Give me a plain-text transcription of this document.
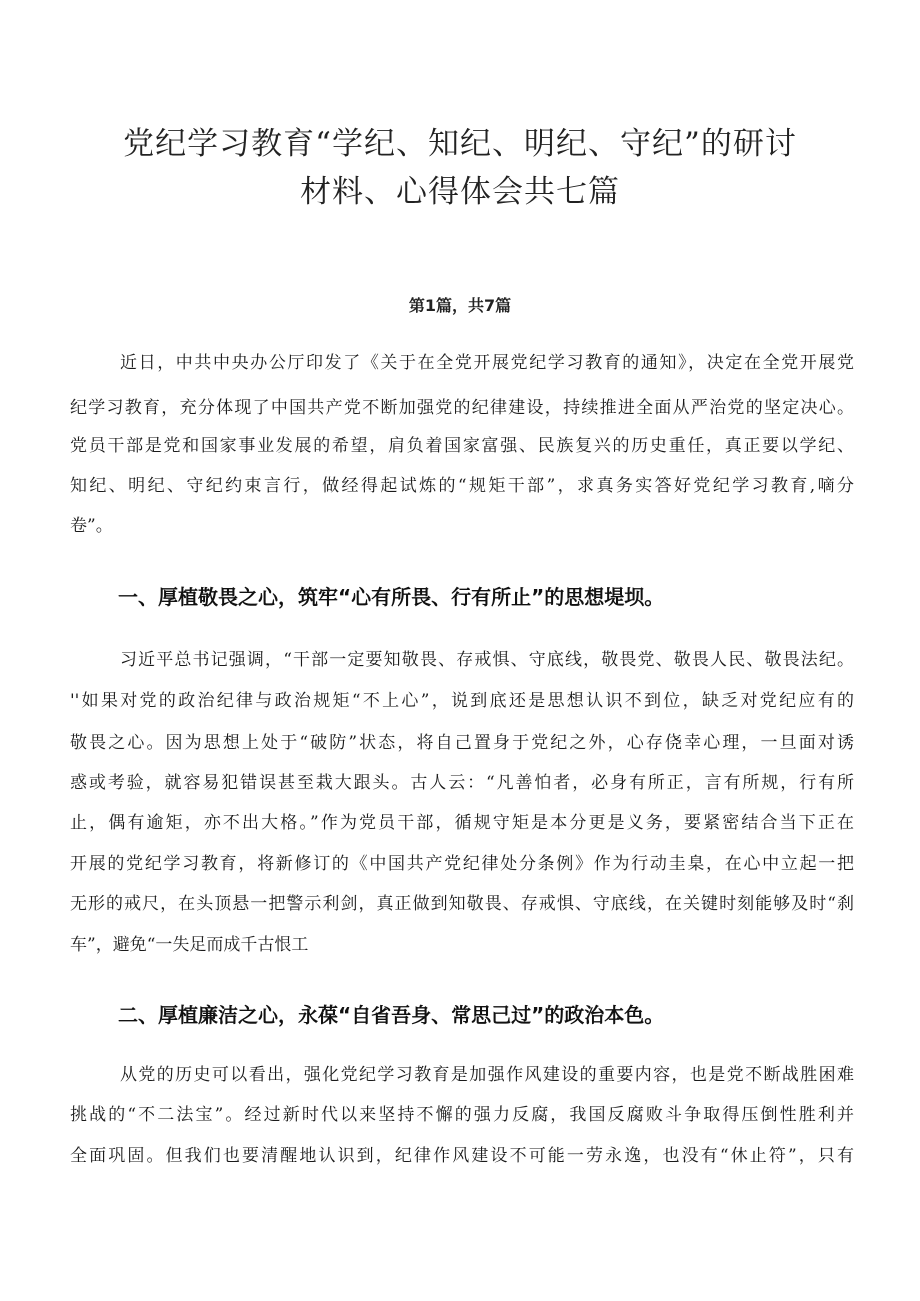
党纪学习教育“学纪、知纪、明纪、守纪”的研讨
材料、心得体会共七篇
第1篇，共7篇
近日，中共中央办公厅印发了《关于在全党开展党纪学习教育的通知》，决定在全党开展党
纪学习教育，充分体现了中国共产党不断加强党的纪律建设，持续推进全面从严治党的坚定决心。
党员干部是党和国家事业发展的希望，肩负着国家富强、民族复兴的历史重任，真正要以学纪、
知纪、明纪、守纪约束言行，做经得起试炼的“规矩干部”，求真务实答好党纪学习教育,嘀分
卷”。
一、厚植敬畏之心，筑牢“心有所畏、行有所止”的思想堤坝。
习近平总书记强调，“干部一定要知敬畏、存戒惧、守底线，敬畏党、敬畏人民、敬畏法纪。
''如果对党的政治纪律与政治规矩“不上心”，说到底还是思想认识不到位，缺乏对党纪应有的
敬畏之心。因为思想上处于“破防”状态，将自己置身于党纪之外，心存侥幸心理，一旦面对诱
惑或考验，就容易犯错误甚至栽大跟头。古人云：“凡善怕者，必身有所正，言有所规，行有所
止，偶有逾矩，亦不出大格。”作为党员干部，循规守矩是本分更是义务，要紧密结合当下正在
开展的党纪学习教育，将新修订的《中国共产党纪律处分条例》作为行动圭臬，在心中立起一把
无形的戒尺，在头顶悬一把警示利剑，真正做到知敬畏、存戒惧、守底线，在关键时刻能够及时“刹
车”，避免“一失足而成千古恨工
二、厚植廉洁之心，永葆“自省吾身、常思己过”的政治本色。
从党的历史可以看出，强化党纪学习教育是加强作风建设的重要内容，也是党不断战胜困难
挑战的“不二法宝”。经过新时代以来坚持不懈的强力反腐，我国反腐败斗争取得压倒性胜利并
全面巩固。但我们也要清醒地认识到，纪律作风建设不可能一劳永逸，也没有“休止符”，只有
